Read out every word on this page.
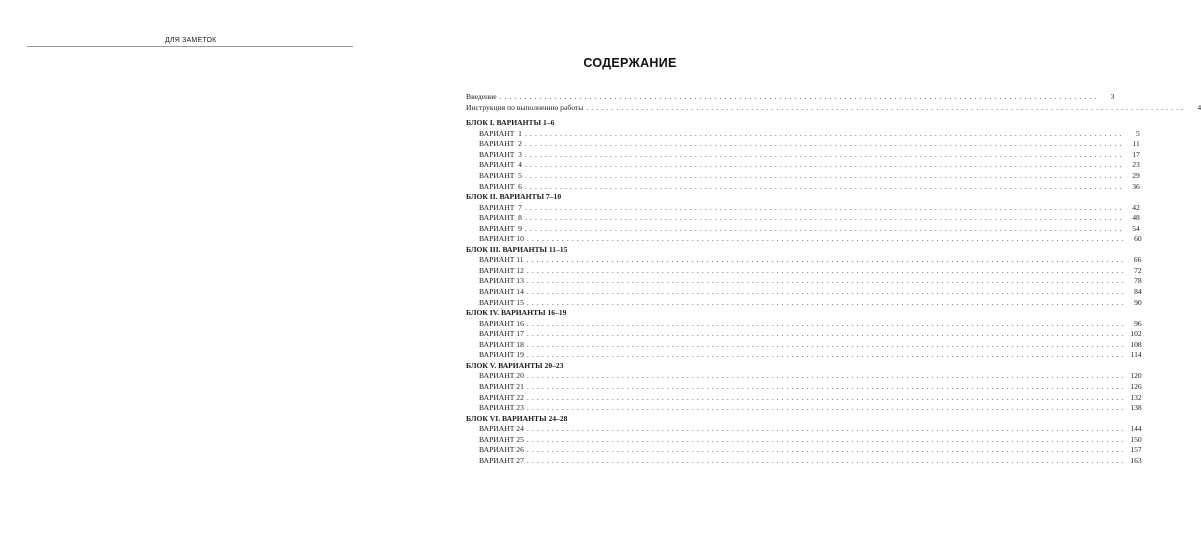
ДЛЯ ЗАМЕТОК
СОДЕРЖАНИЕ
Введение ........................................................................................................................	3
Инструкция по выполнению работы ........................................................................................................................	4
БЛОК I. ВАРИАНТЫ 1–6
ВАРИАНТ  1 ........................................................................................................................	5
ВАРИАНТ  2 ........................................................................................................................	11
ВАРИАНТ  3 ........................................................................................................................ 17
ВАРИАНТ  4 ........................................................................................................................ 23
ВАРИАНТ  5 ........................................................................................................................ 29
ВАРИАНТ  6 ........................................................................................................................ 36
БЛОК II. ВАРИАНТЫ 7–10
ВАРИАНТ  7 ........................................................................................................................ 42
ВАРИАНТ  8 ........................................................................................................................ 48
ВАРИАНТ  9 ........................................................................................................................ 54
ВАРИАНТ 10 ........................................................................................................................ 60
БЛОК III. ВАРИАНТЫ 11–15
ВАРИАНТ 11 ........................................................................................................................ 66
ВАРИАНТ 12 ........................................................................................................................ 72
ВАРИАНТ 13 ........................................................................................................................ 78
ВАРИАНТ 14 ........................................................................................................................ 84
ВАРИАНТ 15 ........................................................................................................................ 90
БЛОК IV. ВАРИАНТЫ 16–19
ВАРИАНТ 16 ........................................................................................................................ 96
ВАРИАНТ 17 ........................................................................................................................ 102
ВАРИАНТ 18 ........................................................................................................................ 108
ВАРИАНТ 19 ........................................................................................................................ 114
БЛОК V. ВАРИАНТЫ 20–23
ВАРИАНТ 20 ........................................................................................................................ 120
ВАРИАНТ 21 ........................................................................................................................ 126
ВАРИАНТ 22 ........................................................................................................................ 132
ВАРИАНТ 23 ........................................................................................................................ 138
БЛОК VI. ВАРИАНТЫ 24–28
ВАРИАНТ 24 ........................................................................................................................ 144
ВАРИАНТ 25 ........................................................................................................................ 150
ВАРИАНТ 26 ........................................................................................................................ 157
ВАРИАНТ 27 ........................................................................................................................ 163
